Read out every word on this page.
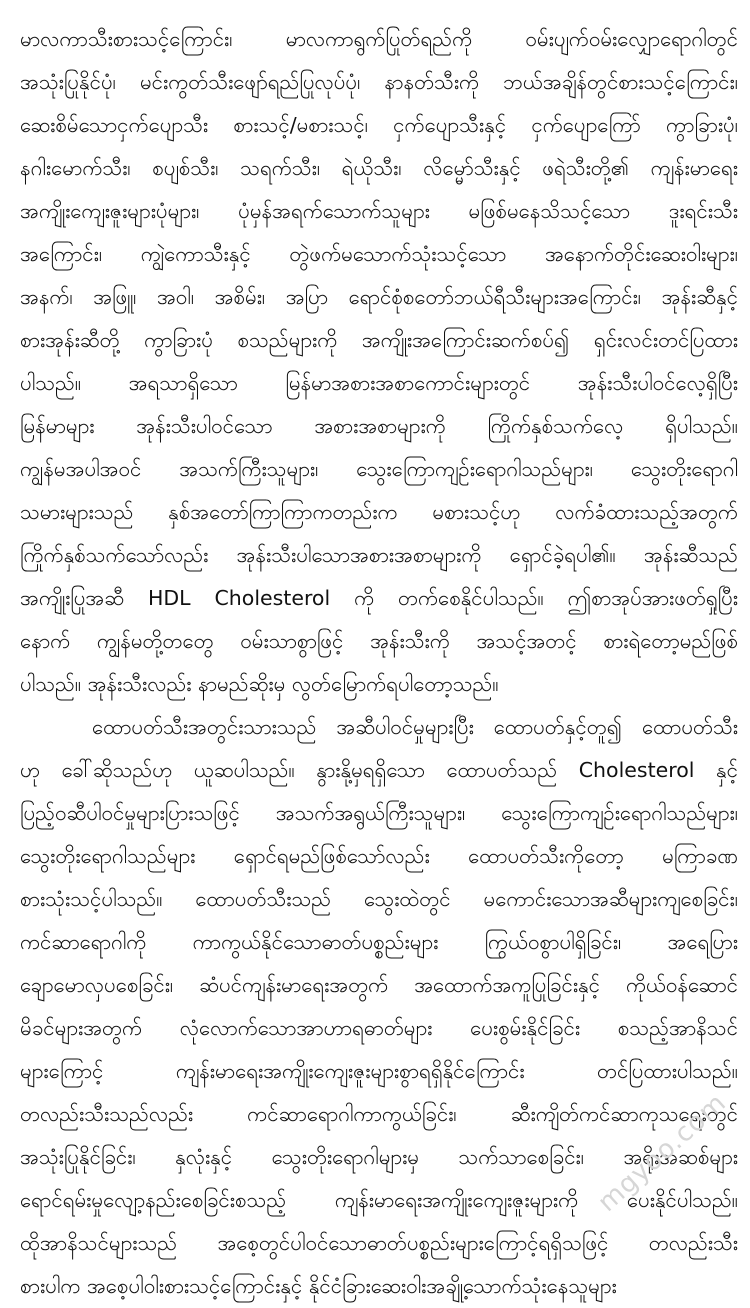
မာလကာသီးစားသင့်ကြောင်း၊ မာလကာရွက်ပြုတ်ရည်ကို ဝမ်းပျက်ဝမ်းလျှောရောဂါတွင်
အသုံးပြုနိုင်ပုံ၊ မင်းကွတ်သီးဖျော်ရည်ပြုလုပ်ပုံ၊ နာနတ်သီးကို ဘယ်အချိန်တွင်စားသင့်ကြောင်း၊
ဆေးစိမ်သောငှက်ပျောသီး စားသင့်/မစားသင့်၊ ငှက်ပျောသီးနှင့် ငှက်ပျောကြော် ကွာခြားပုံ၊
နဂါးမောက်သီး၊ စပျစ်သီး၊ သရက်သီး၊ ရဲယိုသီး၊ လိမ္မော်သီးနှင့် ဖရဲသီးတို့၏ ကျန်းမာရေး
အကျိုးကျေးဇူးများပုံများ၊ ပုံမှန်အရက်သောက်သူများ မဖြစ်မနေသိသင့်သော ဒူးရင်းသီး
အကြောင်း၊ ကျွဲကောသီးနှင့် တွဲဖက်မသောက်သုံးသင့်သော အနောက်တိုင်းဆေးဝါးများ၊
အနက်၊ အဖြူ၊ အဝါ၊ အစိမ်း၊ အပြာ ရောင်စုံစတော်ဘယ်ရီသီးများအကြောင်း၊ အုန်းဆီနှင့်
စားအုန်းဆီတို့ ကွာခြားပုံ စသည်များကို အကျိုးအကြောင်းဆက်စပ်၍ ရှင်းလင်းတင်ပြထား
ပါသည်။ အရသာရှိသော မြန်မာအစားအစာကောင်းများတွင် အုန်းသီးပါဝင်လေ့ရှိပြီး
မြန်မာများ အုန်းသီးပါဝင်သော အစားအစာများကို ကြိုက်နှစ်သက်လေ့ ရှိပါသည်။
ကျွန်မအပါအဝင် အသက်ကြီးသူများ၊ သွေးကြောကျဉ်းရောဂါသည်များ၊ သွေးတိုးရောဂါ
သမားများသည် နှစ်အတော်ကြာကြာကတည်းက မစားသင့်ဟု လက်ခံထားသည့်အတွက်
ကြိုက်နှစ်သက်သော်လည်း အုန်းသီးပါသောအစားအစာများကို ရှောင်ခဲ့ရပါ၏။ အုန်းဆီသည်
အကျိုးပြုအဆီ HDL Cholesterol ကို တက်စေနိုင်ပါသည်။ ဤစာအုပ်အားဖတ်ရှုပြီး
နောက် ကျွန်မတို့တတွေ ဝမ်းသာစွာဖြင့် အုန်းသီးကို အသင့်အတင့် စားရဲတော့မည်ဖြစ်
ပါသည်။ အုန်းသီးလည်း နာမည်ဆိုးမှ လွတ်မြောက်ရပါတော့သည်။
ထောပတ်သီးအတွင်းသားသည် အဆီပါဝင်မှုများပြီး ထောပတ်နှင့်တူ၍ ထောပတ်သီး
ဟု ခေါ်ဆိုသည်ဟု ယူဆပါသည်။ နွားနို့မှရရှိသော ထောပတ်သည် Cholesterol နှင့်
ပြည့်ဝဆီပါဝင်မှုများပြားသဖြင့် အသက်အရွယ်ကြီးသူများ၊ သွေးကြောကျဉ်းရောဂါသည်များ၊
သွေးတိုးရောဂါသည်များ ရှောင်ရမည်ဖြစ်သော်လည်း ထောပတ်သီးကိုတော့ မကြာခဏ
စားသုံးသင့်ပါသည်။ ထောပတ်သီးသည် သွေးထဲတွင် မကောင်းသောအဆီများကျစေခြင်း၊
ကင်ဆာရောဂါကို ကာကွယ်နိုင်သောဓာတ်ပစ္စည်းများ ကြွယ်ဝစွာပါရှိခြင်း၊ အရေပြား
ချောမောလှပစေခြင်း၊ ဆံပင်ကျန်းမာရေးအတွက် အထောက်အကူပြုခြင်းနှင့် ကိုယ်ဝန်ဆောင်
မိခင်များအတွက် လုံလောက်သောအာဟာရဓာတ်များ ပေးစွမ်းနိုင်ခြင်း စသည့်အာနိသင်
များကြောင့် ကျန်းမာရေးအကျိုးကျေးဇူးများစွာရရှိနိုင်ကြောင်း တင်ပြထားပါသည်။
တလည်းသီးသည်လည်း ကင်ဆာရောဂါကာကွယ်ခြင်း၊ ဆီးကျိတ်ကင်ဆာကုသရေးတွင်
အသုံးပြုနိုင်ခြင်း၊ နှလုံးနှင့် သွေးတိုးရောဂါများမှ သက်သာစေခြင်း၊ အရိုးအဆစ်များ
ရောင်ရမ်းမှုလျော့နည်းစေခြင်းစသည့် ကျန်းမာရေးအကျိုးကျေးဇူးများကို ပေးနိုင်ပါသည်။
ထိုအာနိသင်များသည် အစေ့တွင်ပါဝင်သောဓာတ်ပစ္စည်းများကြောင့်ရရှိသဖြင့် တလည်းသီး
စားပါက အစေ့ပါဝါးစားသင့်ကြောင်းနှင့် နိုင်ငံခြားဆေးဝါးအချို့သောက်သုံးနေသူများ
mgyoo.com
